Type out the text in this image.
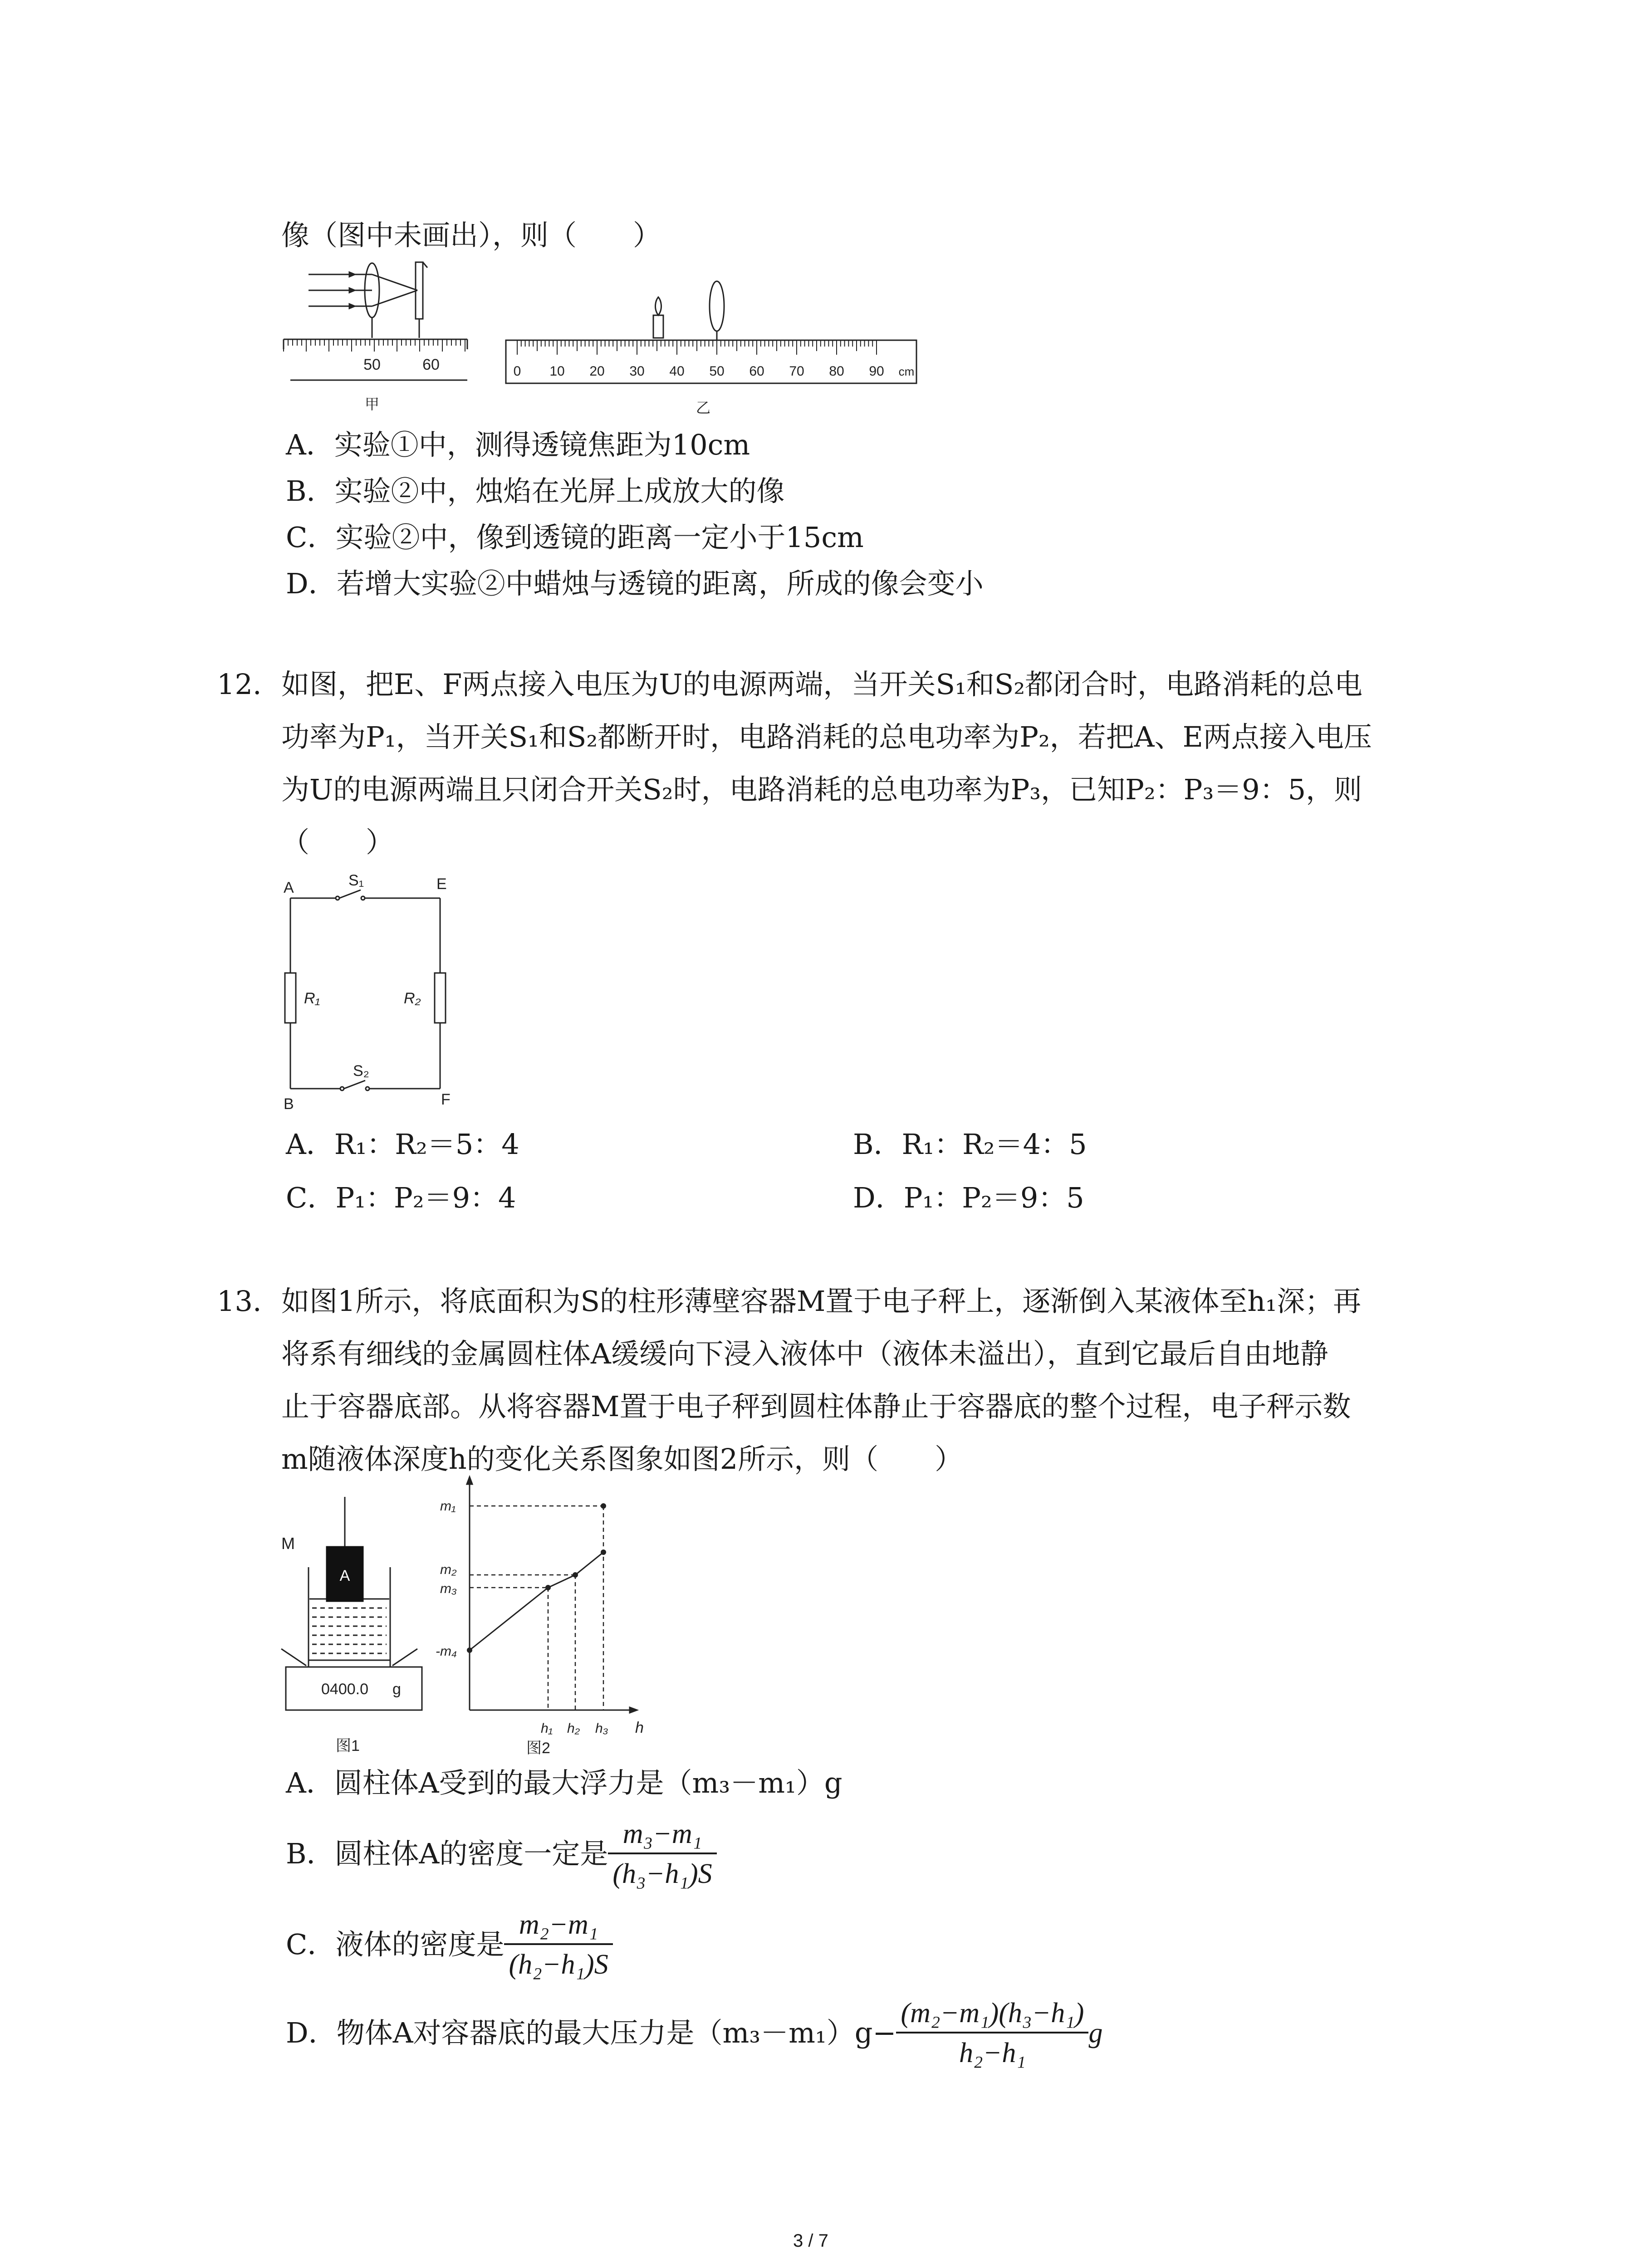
像（图中未画出），则（　　）
50	60
甲
0 10 20 30 40 50 60 70 80 90 cm
乙
A．实验①中，测得透镜焦距为10cm
B．实验②中，烛焰在光屏上成放大的像
C．实验②中，像到透镜的距离一定小于15cm
D．若增大实验②中蜡烛与透镜的距离，所成的像会变小
12. 如图，把E、F两点接入电压为U的电源两端，当开关S₁和S₂都闭合时，电路消耗的总电
功率为P₁，当开关S₁和S₂都断开时，电路消耗的总电功率为P₂，若把A、E两点接入电压
为U的电源两端且只闭合开关S₂时，电路消耗的总电功率为P₃，已知P₂：P₃＝9：5，则
（　　）
A	E
B	F
S₁
S₂
R₁	R₂
A．R₁：R₂＝5：4	B．R₁：R₂＝4：5
C．P₁：P₂＝9：4	D．P₁：P₂＝9：5
13. 如图1所示，将底面积为S的柱形薄壁容器M置于电子秤上，逐渐倒入某液体至h₁深；再
将系有细线的金属圆柱体A缓缓向下浸入液体中（液体未溢出），直到它最后自由地静
止于容器底部。从将容器M置于电子秤到圆柱体静止于容器底的整个过程，电子秤示数
m随液体深度h的变化关系图象如图2所示，则（　　）
A
M
0400.0 g
图1
m₁
m₂
m₃
-m₄
h₁ h₂ h₃ h
图2
A．圆柱体A受到的最大浮力是（m₃－m₁）g
B．圆柱体A的密度一定是 $\frac{\text{m₃−m₁}}{\text{(h₃−h₁)S}}$
C．液体的密度是 $\frac{\text{m₂−m₁}}{\text{(h₂−h₁)S}}$
D．物体A对容器底的最大压力是$(m_3-m_1)g- \frac{\text{(m₂−m₁)(h₃−h₁)}}{\text{h₂−h₁}}$ g
3 / 7
